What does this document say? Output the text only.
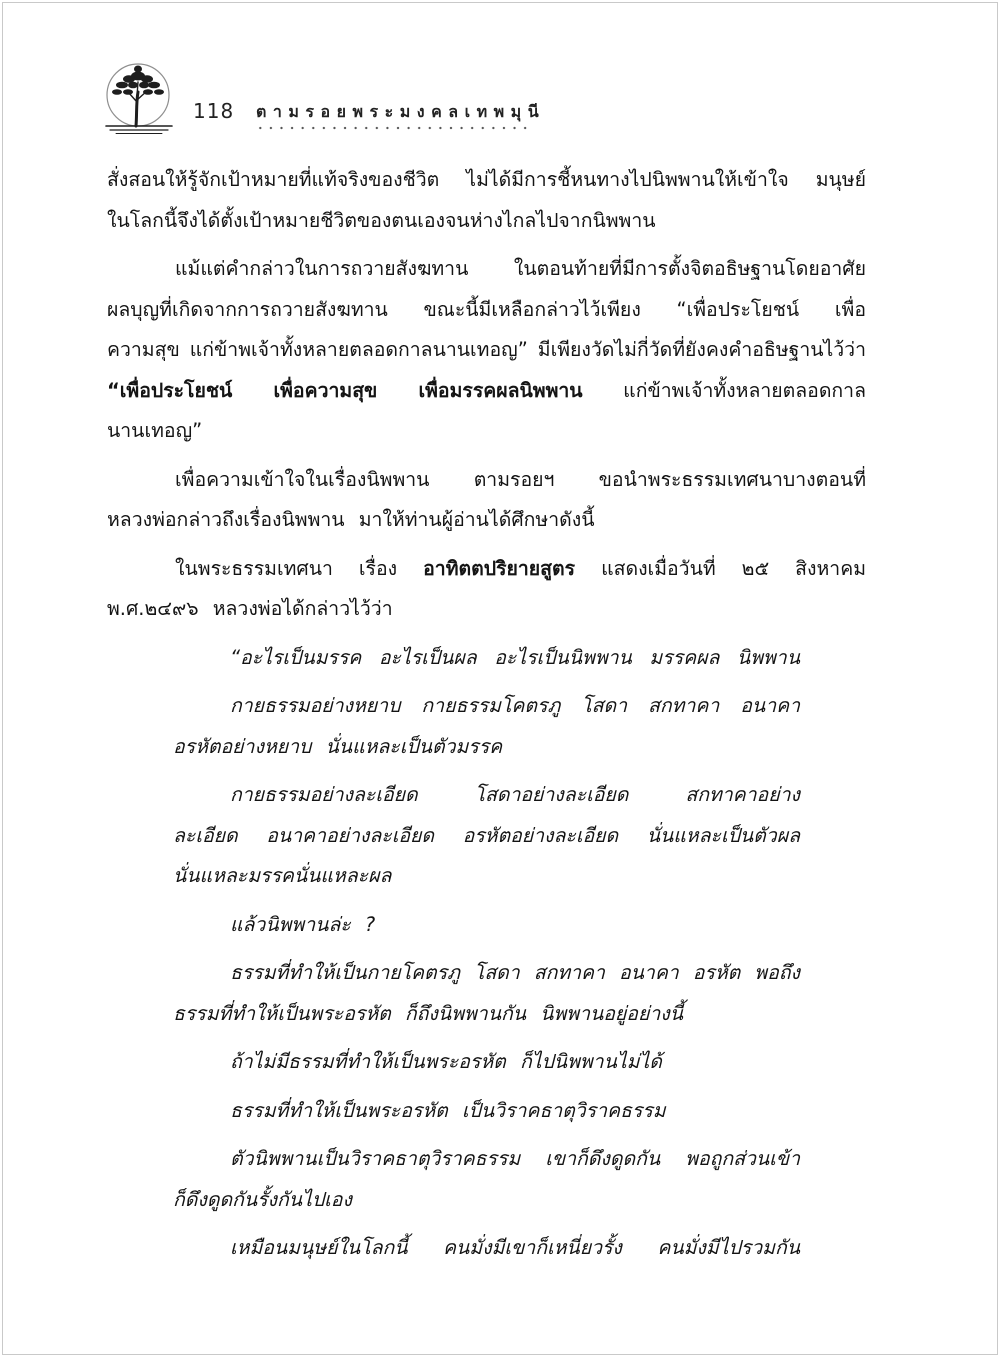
118 ตามรอยพระมงคลเทพมุนี
สั่งสอนให้รู้จักเป้าหมายที่แท้จริงของชีวิต ไม่ได้มีการชี้หนทางไปนิพพานให้เข้าใจ มนุษย์
ในโลกนี้จึงได้ตั้งเป้าหมายชีวิตของตนเองจนห่างไกลไปจากนิพพาน
แม้แต่คำกล่าวในการถวายสังฆทาน ในตอนท้ายที่มีการตั้งจิตอธิษฐานโดยอาศัย
ผลบุญที่เกิดจากการถวายสังฆทาน ขณะนี้มีเหลือกล่าวไว้เพียง “เพื่อประโยชน์ เพื่อ
ความสุข แก่ข้าพเจ้าทั้งหลายตลอดกาลนานเทอญ” มีเพียงวัดไม่กี่วัดที่ยังคงคำอธิษฐานไว้ว่า
“เพื่อประโยชน์ เพื่อความสุข เพื่อมรรคผลนิพพาน แก่ข้าพเจ้าทั้งหลายตลอดกาล
นานเทอญ”
เพื่อความเข้าใจในเรื่องนิพพาน ตามรอยฯ ขอนำพระธรรมเทศนาบางตอนที่
หลวงพ่อกล่าวถึงเรื่องนิพพาน มาให้ท่านผู้อ่านได้ศึกษาดังนี้
ในพระธรรมเทศนา เรื่อง อาทิตตปริยายสูตร แสดงเมื่อวันที่ ๒๕ สิงหาคม
พ.ศ.๒๔๙๖ หลวงพ่อได้กล่าวไว้ว่า
“อะไรเป็นมรรค อะไรเป็นผล อะไรเป็นนิพพาน มรรคผล นิพพาน
กายธรรมอย่างหยาบ กายธรรมโคตรภู โสดา สกทาคา อนาคา
อรหัตอย่างหยาบ นั่นแหละเป็นตัวมรรค
กายธรรมอย่างละเอียด โสดาอย่างละเอียด สกทาคาอย่าง
ละเอียด อนาคาอย่างละเอียด อรหัตอย่างละเอียด นั่นแหละเป็นตัวผล
นั่นแหละมรรคนั่นแหละผล
แล้วนิพพานล่ะ ?
ธรรมที่ทำให้เป็นกายโคตรภู โสดา สกทาคา อนาคา อรหัต พอถึง
ธรรมที่ทำให้เป็นพระอรหัต ก็ถึงนิพพานกัน นิพพานอยู่อย่างนี้
ถ้าไม่มีธรรมที่ทำให้เป็นพระอรหัต ก็ไปนิพพานไม่ได้
ธรรมที่ทำให้เป็นพระอรหัต เป็นวิราคธาตุวิราคธรรม
ตัวนิพพานเป็นวิราคธาตุวิราคธรรม เขาก็ดึงดูดกัน พอถูกส่วนเข้า
ก็ดึงดูดกันรั้งกันไปเอง
เหมือนมนุษย์ในโลกนี้ คนมั่งมีเขาก็เหนี่ยวรั้ง คนมั่งมีไปรวมกัน
